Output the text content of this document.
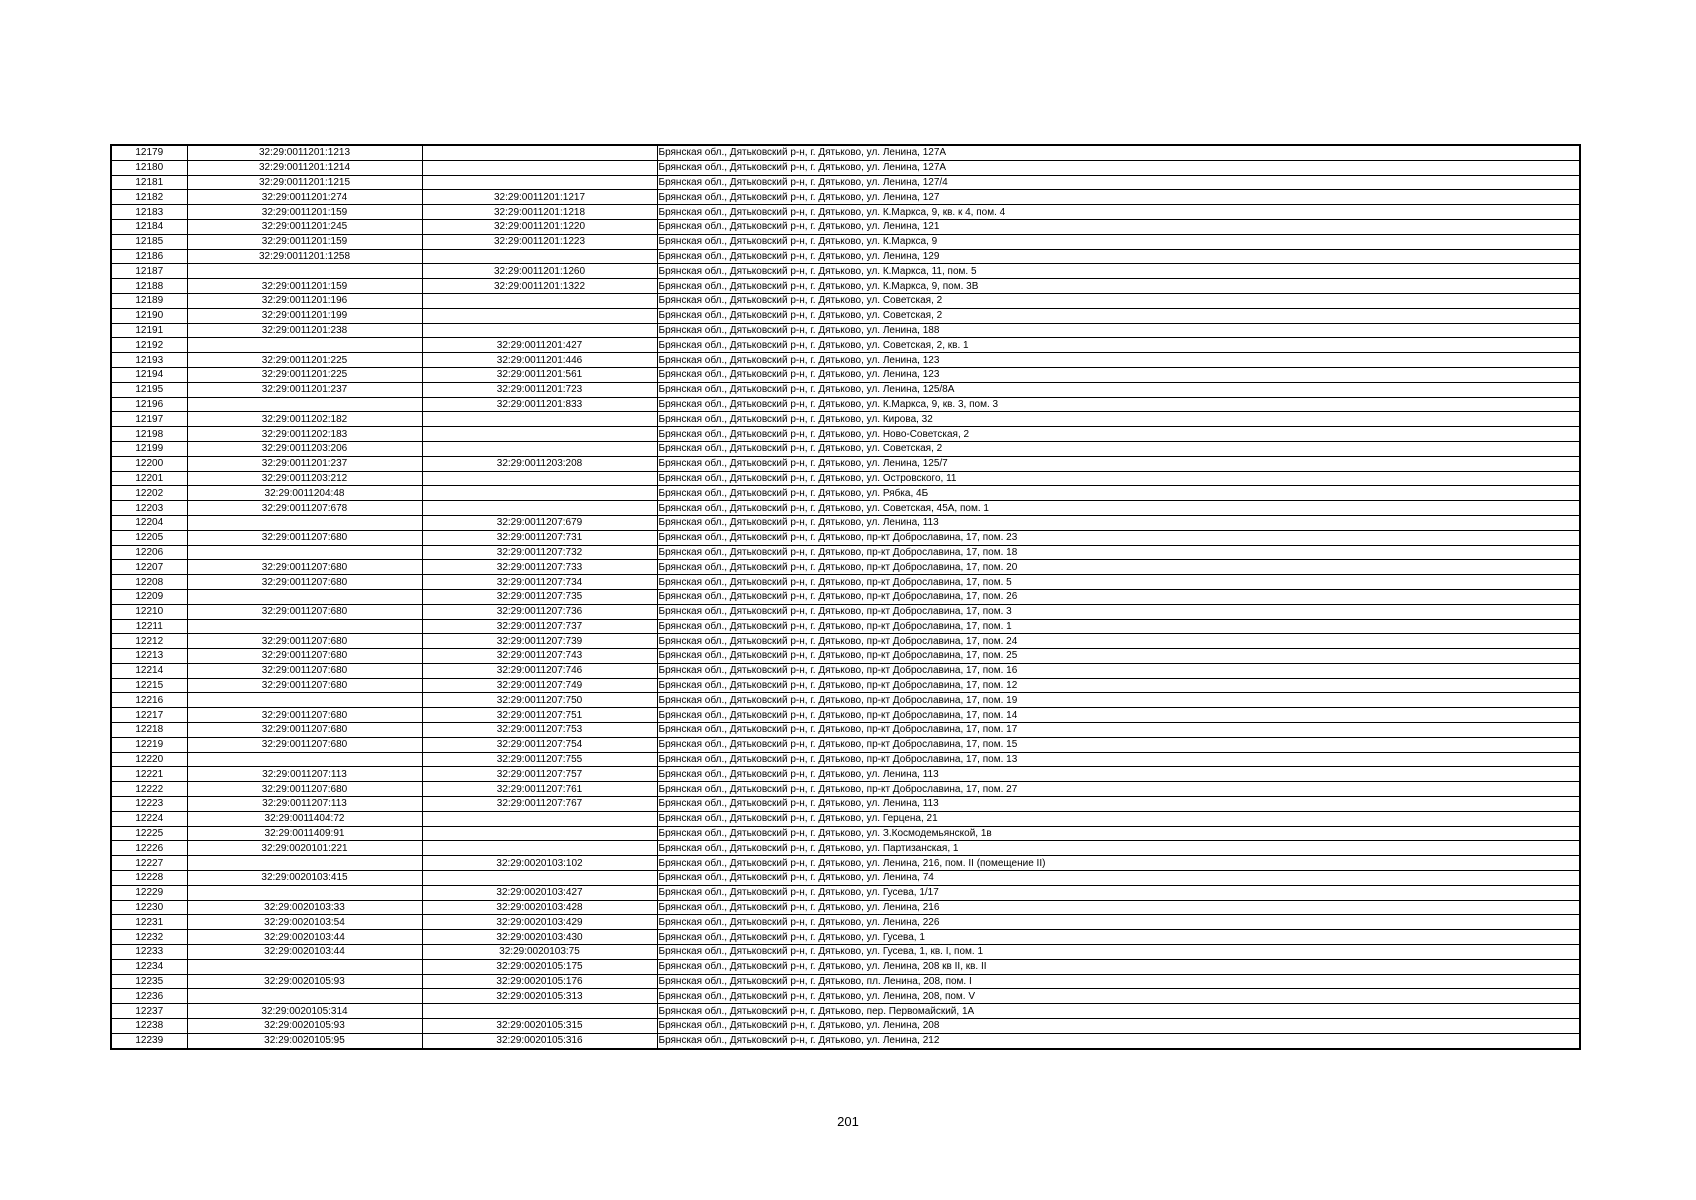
12179	32:29:0011201:1213		Брянская обл., Дятьковский р-н, г. Дятьково, ул. Ленина, 127А
12180	32:29:0011201:1214		Брянская обл., Дятьковский р-н, г. Дятьково, ул. Ленина, 127А
12181	32:29:0011201:1215		Брянская обл., Дятьковский р-н, г. Дятьково, ул. Ленина, 127/4
12182	32:29:0011201:274	32:29:0011201:1217	Брянская обл., Дятьковский р-н, г. Дятьково, ул. Ленина, 127
12183	32:29:0011201:159	32:29:0011201:1218	Брянская обл., Дятьковский р-н, г. Дятьково, ул. К.Маркса, 9, кв. к 4, пом. 4
12184	32:29:0011201:245	32:29:0011201:1220	Брянская обл., Дятьковский р-н, г. Дятьково, ул. Ленина, 121
12185	32:29:0011201:159	32:29:0011201:1223	Брянская обл., Дятьковский р-н, г. Дятьково, ул. К.Маркса, 9
12186	32:29:0011201:1258		Брянская обл., Дятьковский р-н, г. Дятьково, ул. Ленина, 129
12187		32:29:0011201:1260	Брянская обл., Дятьковский р-н, г. Дятьково, ул. К.Маркса, 11, пом. 5
12188	32:29:0011201:159	32:29:0011201:1322	Брянская обл., Дятьковский р-н, г. Дятьково, ул. К.Маркса, 9, пом. 3В
12189	32:29:0011201:196		Брянская обл., Дятьковский р-н, г. Дятьково, ул. Советская, 2
12190	32:29:0011201:199		Брянская обл., Дятьковский р-н, г. Дятьково, ул. Советская, 2
12191	32:29:0011201:238		Брянская обл., Дятьковский р-н, г. Дятьково, ул. Ленина, 188
12192		32:29:0011201:427	Брянская обл., Дятьковский р-н, г. Дятьково, ул. Советская, 2, кв. 1
12193	32:29:0011201:225	32:29:0011201:446	Брянская обл., Дятьковский р-н, г. Дятьково, ул. Ленина, 123
12194	32:29:0011201:225	32:29:0011201:561	Брянская обл., Дятьковский р-н, г. Дятьково, ул. Ленина, 123
12195	32:29:0011201:237	32:29:0011201:723	Брянская обл., Дятьковский р-н, г. Дятьково, ул. Ленина, 125/8А
12196		32:29:0011201:833	Брянская обл., Дятьковский р-н, г. Дятьково, ул. К.Маркса, 9, кв. 3, пом. 3
12197	32:29:0011202:182		Брянская обл., Дятьковский р-н, г. Дятьково, ул. Кирова, 32
12198	32:29:0011202:183		Брянская обл., Дятьковский р-н, г. Дятьково, ул. Ново-Советская, 2
12199	32:29:0011203:206		Брянская обл., Дятьковский р-н, г. Дятьково, ул. Советская, 2
12200	32:29:0011201:237	32:29:0011203:208	Брянская обл., Дятьковский р-н, г. Дятьково, ул. Ленина, 125/7
12201	32:29:0011203:212		Брянская обл., Дятьковский р-н, г. Дятьково, ул. Островского, 11
12202	32:29:0011204:48		Брянская обл., Дятьковский р-н, г. Дятьково, ул. Рябка, 4Б
12203	32:29:0011207:678		Брянская обл., Дятьковский р-н, г. Дятьково, ул. Советская, 45А, пом. 1
12204		32:29:0011207:679	Брянская обл., Дятьковский р-н, г. Дятьково, ул. Ленина, 113
12205	32:29:0011207:680	32:29:0011207:731	Брянская обл., Дятьковский р-н, г. Дятьково, пр-кт Доброславина, 17, пом. 23
12206		32:29:0011207:732	Брянская обл., Дятьковский р-н, г. Дятьково, пр-кт Доброславина, 17, пом. 18
12207	32:29:0011207:680	32:29:0011207:733	Брянская обл., Дятьковский р-н, г. Дятьково, пр-кт Доброславина, 17, пом. 20
12208	32:29:0011207:680	32:29:0011207:734	Брянская обл., Дятьковский р-н, г. Дятьково, пр-кт Доброславина, 17, пом. 5
12209		32:29:0011207:735	Брянская обл., Дятьковский р-н, г. Дятьково, пр-кт Доброславина, 17, пом. 26
12210	32:29:0011207:680	32:29:0011207:736	Брянская обл., Дятьковский р-н, г. Дятьково, пр-кт Доброславина, 17, пом. 3
12211		32:29:0011207:737	Брянская обл., Дятьковский р-н, г. Дятьково, пр-кт Доброславина, 17, пом. 1
12212	32:29:0011207:680	32:29:0011207:739	Брянская обл., Дятьковский р-н, г. Дятьково, пр-кт Доброславина, 17, пом. 24
12213	32:29:0011207:680	32:29:0011207:743	Брянская обл., Дятьковский р-н, г. Дятьково, пр-кт Доброславина, 17, пом. 25
12214	32:29:0011207:680	32:29:0011207:746	Брянская обл., Дятьковский р-н, г. Дятьково, пр-кт Доброславина, 17, пом. 16
12215	32:29:0011207:680	32:29:0011207:749	Брянская обл., Дятьковский р-н, г. Дятьково, пр-кт Доброславина, 17, пом. 12
12216		32:29:0011207:750	Брянская обл., Дятьковский р-н, г. Дятьково, пр-кт Доброславина, 17, пом. 19
12217	32:29:0011207:680	32:29:0011207:751	Брянская обл., Дятьковский р-н, г. Дятьково, пр-кт Доброславина, 17, пом. 14
12218	32:29:0011207:680	32:29:0011207:753	Брянская обл., Дятьковский р-н, г. Дятьково, пр-кт Доброславина, 17, пом. 17
12219	32:29:0011207:680	32:29:0011207:754	Брянская обл., Дятьковский р-н, г. Дятьково, пр-кт Доброславина, 17, пом. 15
12220		32:29:0011207:755	Брянская обл., Дятьковский р-н, г. Дятьково, пр-кт Доброславина, 17, пом. 13
12221	32:29:0011207:113	32:29:0011207:757	Брянская обл., Дятьковский р-н, г. Дятьково, ул. Ленина, 113
12222	32:29:0011207:680	32:29:0011207:761	Брянская обл., Дятьковский р-н, г. Дятьково, пр-кт Доброславина, 17, пом. 27
12223	32:29:0011207:113	32:29:0011207:767	Брянская обл., Дятьковский р-н, г. Дятьково, ул. Ленина, 113
12224	32:29:0011404:72		Брянская обл., Дятьковский р-н, г. Дятьково, ул. Герцена, 21
12225	32:29:0011409:91		Брянская обл., Дятьковский р-н, г. Дятьково, ул. З.Космодемьянской, 1в
12226	32:29:0020101:221		Брянская обл., Дятьковский р-н, г. Дятьково, ул. Партизанская, 1
12227		32:29:0020103:102	Брянская обл., Дятьковский р-н, г. Дятьково, ул. Ленина, 216, пом. II (помещение II)
12228	32:29:0020103:415		Брянская обл., Дятьковский р-н, г. Дятьково, ул. Ленина, 74
12229		32:29:0020103:427	Брянская обл., Дятьковский р-н, г. Дятьково, ул. Гусева, 1/17
12230	32:29:0020103:33	32:29:0020103:428	Брянская обл., Дятьковский р-н, г. Дятьково, ул. Ленина, 216
12231	32:29:0020103:54	32:29:0020103:429	Брянская обл., Дятьковский р-н, г. Дятьково, ул. Ленина, 226
12232	32:29:0020103:44	32:29:0020103:430	Брянская обл., Дятьковский р-н, г. Дятьково, ул. Гусева, 1
12233	32:29:0020103:44	32:29:0020103:75	Брянская обл., Дятьковский р-н, г. Дятьково, ул. Гусева, 1, кв. I, пом. 1
12234		32:29:0020105:175	Брянская обл., Дятьковский р-н, г. Дятьково, ул. Ленина, 208 кв II, кв. II
12235	32:29:0020105:93	32:29:0020105:176	Брянская обл., Дятьковский р-н, г. Дятьково, пл. Ленина, 208, пом. I
12236		32:29:0020105:313	Брянская обл., Дятьковский р-н, г. Дятьково, ул. Ленина, 208, пом. V
12237	32:29:0020105:314		Брянская обл., Дятьковский р-н, г. Дятьково, пер. Первомайский, 1А
12238	32:29:0020105:93	32:29:0020105:315	Брянская обл., Дятьковский р-н, г. Дятьково, ул. Ленина, 208
12239	32:29:0020105:95	32:29:0020105:316	Брянская обл., Дятьковский р-н, г. Дятьково, ул. Ленина, 212
201
